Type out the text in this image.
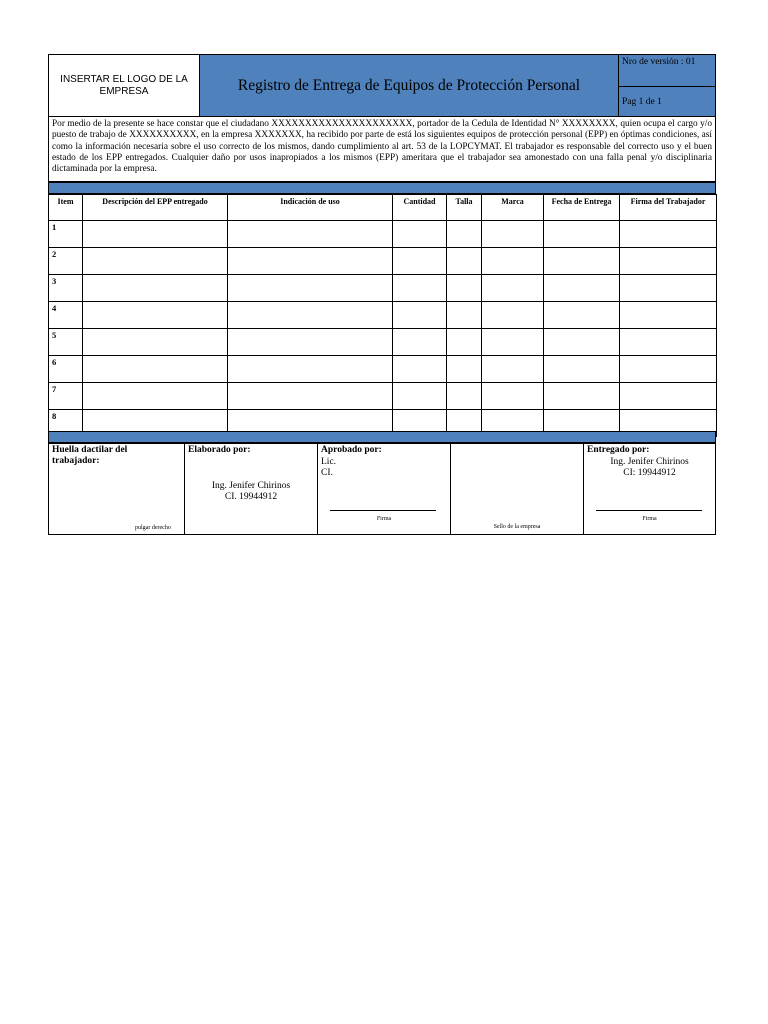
INSERTAR EL LOGO DE LA EMPRESA	Registro de Entrega de Equipos de Protección Personal
Nro de versión : 01
Pag 1 de 1
Por medio de la presente se hace constar que el ciudadano XXXXXXXXXXXXXXXXXXXXX, portador de la Cedula de Identidad N° XXXXXXXX, quien ocupa el cargo y/o puesto de trabajo de XXXXXXXXXX, en la empresa XXXXXXX, ha recibido por parte de está los siguientes equipos de protección personal (EPP) en óptimas condiciones, así como la información necesaria sobre el uso correcto de los mismos, dando cumplimiento al art. 53 de la LOPCYMAT. El trabajador es responsable del correcto uso y el buen estado de los EPP entregados. Cualquier daño por usos inapropiados a los mismos (EPP) ameritara que el trabajador sea amonestado con una falla penal y/o disciplinaria dictaminada por la empresa.
Item	Descripción del EPP entregado	Indicación de uso	Cantidad	Talla	Marca	Fecha de Entrega	Firma del Trabajador
1							
2							
3							
4							
5							
6							
7							
8							
Huella dactilar del trabajador:
pulgar derecho
Elaborado por:
Ing. Jenifer Chirinos
CI. 19944912
Aprobado por:
Lic.
CI.
Firma
Sello de la empresa
Entregado por:
Ing. Jenifer Chirinos
CI: 19944912
Firma
